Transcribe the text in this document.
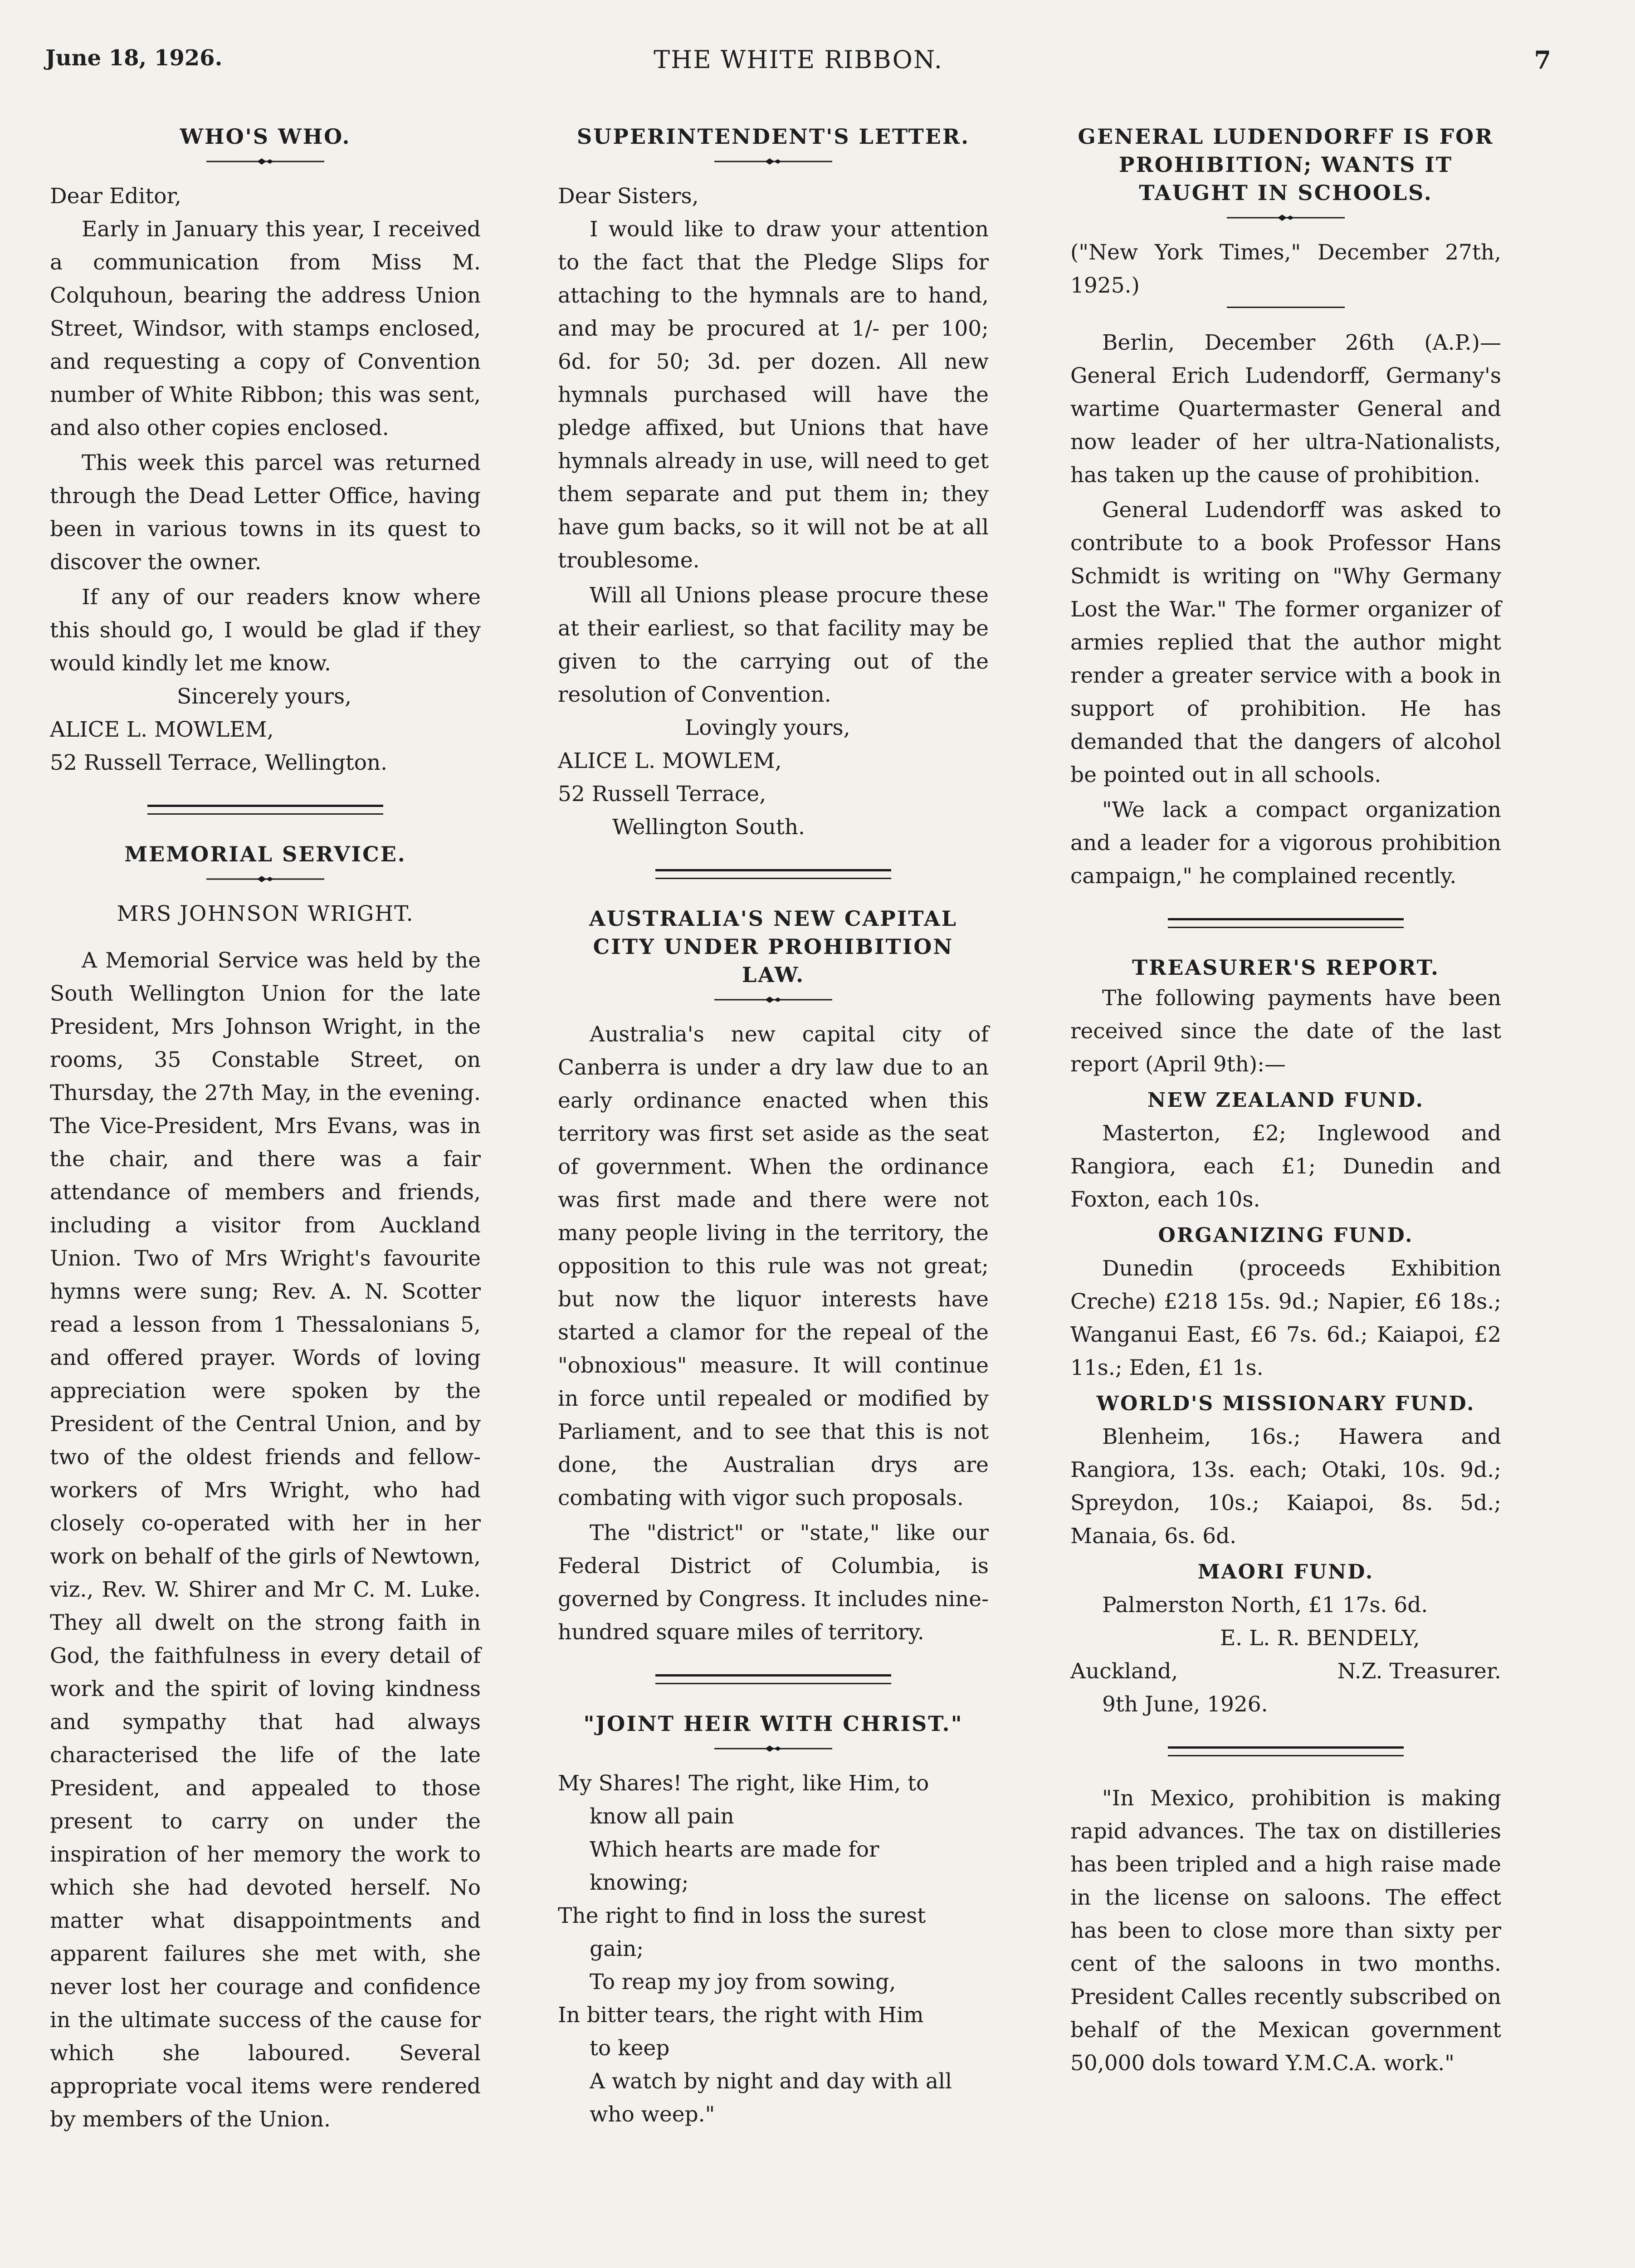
June 18, 1926.	THE WHITE RIBBON.	7
WHO'S WHO.

Dear Editor,

Early in January this year, I received a communication from Miss M. Colquhoun, bearing the address Union Street, Windsor, with stamps enclosed, and requesting a copy of Convention number of White Ribbon; this was sent, and also other copies enclosed.

This week this parcel was returned through the Dead Letter Office, having been in various towns in its quest to discover the owner.

If any of our readers know where this should go, I would be glad if they would kindly let me know.

Sincerely yours,

ALICE L. MOWLEM,

52 Russell Terrace, Wellington.

MEMORIAL SERVICE.
MRS JOHNSON WRIGHT.

A Memorial Service was held by the South Wellington Union for the late President, Mrs Johnson Wright, in the rooms, 35 Constable Street, on Thursday, the 27th May, in the evening. The Vice-President, Mrs Evans, was in the chair, and there was a fair attendance of members and friends, including a visitor from Auckland Union. Two of Mrs Wright's favourite hymns were sung; Rev. A. N. Scotter read a lesson from 1 Thessalonians 5, and offered prayer. Words of loving appreciation were spoken by the President of the Central Union, and by two of the oldest friends and fellow-workers of Mrs Wright, who had closely co-operated with her in her work on behalf of the girls of Newtown, viz., Rev. W. Shirer and Mr C. M. Luke. They all dwelt on the strong faith in God, the faithfulness in every detail of work and the spirit of loving kindness and sympathy that had always characterised the life of the late President, and appealed to those present to carry on under the inspiration of her memory the work to which she had devoted herself. No matter what disappointments and apparent failures she met with, she never lost her courage and confidence in the ultimate success of the cause for which she laboured. Several appropriate vocal items were rendered by members of the Union.

SUPERINTENDENT'S LETTER.

Dear Sisters,

I would like to draw your attention to the fact that the Pledge Slips for attaching to the hymnals are to hand, and may be procured at 1/- per 100; 6d. for 50; 3d. per dozen. All new hymnals purchased will have the pledge affixed, but Unions that have hymnals already in use, will need to get them separate and put them in; they have gum backs, so it will not be at all troublesome.

Will all Unions please procure these at their earliest, so that facility may be given to the carrying out of the resolution of Convention.

Lovingly yours,

ALICE L. MOWLEM,

52 Russell Terrace,

Wellington South.

AUSTRALIA'S NEW CAPITAL CITY UNDER PROHIBITION LAW.

Australia's new capital city of Canberra is under a dry law due to an early ordinance enacted when this territory was first set aside as the seat of government. When the ordinance was first made and there were not many people living in the territory, the opposition to this rule was not great; but now the liquor interests have started a clamor for the repeal of the "obnoxious" measure. It will continue in force until repealed or modified by Parliament, and to see that this is not done, the Australian drys are combating with vigor such proposals.

The "district" or "state," like our Federal District of Columbia, is governed by Congress. It includes nine-hundred square miles of territory.

"JOINT HEIR WITH CHRIST."

My Shares! The right, like Him, to

know all pain

Which hearts are made for

knowing;

The right to find in loss the surest

gain;

To reap my joy from sowing,

In bitter tears, the right with Him

to keep

A watch by night and day with all

who weep."

GENERAL LUDENDORFF IS FOR PROHIBITION; WANTS IT TAUGHT IN SCHOOLS.

("New York Times," December 27th, 1925.)

Berlin, December 26th (A.P.)—General Erich Ludendorff, Germany's wartime Quartermaster General and now leader of her ultra-Nationalists, has taken up the cause of prohibition.

General Ludendorff was asked to contribute to a book Professor Hans Schmidt is writing on "Why Germany Lost the War." The former organizer of armies replied that the author might render a greater service with a book in support of prohibition. He has demanded that the dangers of alcohol be pointed out in all schools.

"We lack a compact organization and a leader for a vigorous prohibition campaign," he complained recently.

TREASURER'S REPORT.

The following payments have been received since the date of the last report (April 9th):—

NEW ZEALAND FUND.

Masterton, £2; Inglewood and Rangiora, each £1; Dunedin and Foxton, each 10s.

ORGANIZING FUND.

Dunedin (proceeds Exhibition Creche) £218 15s. 9d.; Napier, £6 18s.; Wanganui East, £6 7s. 6d.; Kaiapoi, £2 11s.; Eden, £1 1s.

WORLD'S MISSIONARY FUND.

Blenheim, 16s.; Hawera and Rangiora, 13s. each; Otaki, 10s. 9d.; Spreydon, 10s.; Kaiapoi, 8s. 5d.; Manaia, 6s. 6d.

MAORI FUND.

Palmerston North, £1 17s. 6d.

E. L. R. BENDELY,

Auckland,	N.Z. Treasurer.

9th June, 1926.

"In Mexico, prohibition is making rapid advances. The tax on distilleries has been tripled and a high raise made in the license on saloons. The effect has been to close more than sixty per cent of the saloons in two months. President Calles recently subscribed on behalf of the Mexican government 50,000 dols toward Y.M.C.A. work."
